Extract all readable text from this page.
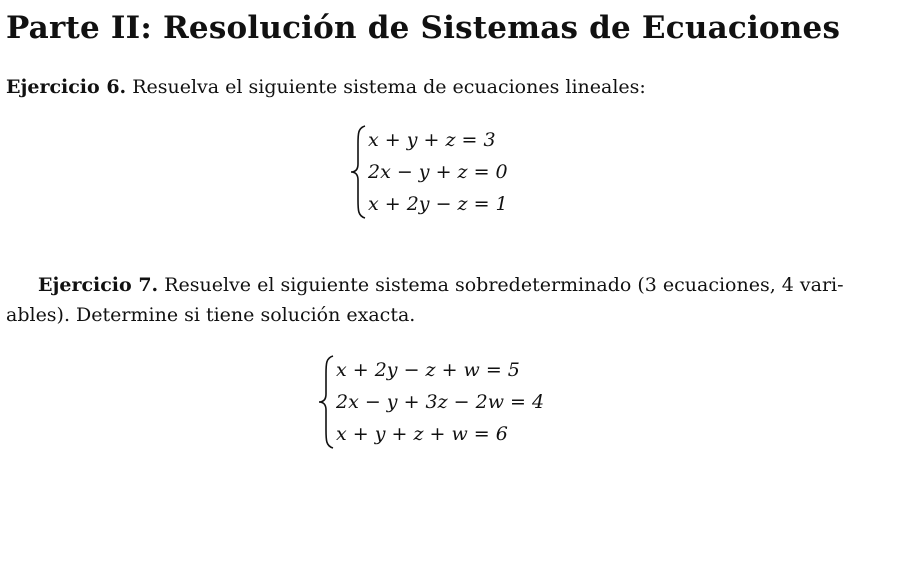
Parte II: Resolución de Sistemas de Ecuaciones
Ejercicio 6. Resuelva el siguiente sistema de ecuaciones lineales:
x + y + z = 3
2x − y + z = 0
x + 2y − z = 1
Ejercicio 7. Resuelve el siguiente sistema sobredeterminado (3 ecuaciones, 4 vari-
ables). Determine si tiene solución exacta.
x + 2y − z + w = 5
2x − y + 3z − 2w = 4
x + y + z + w = 6
